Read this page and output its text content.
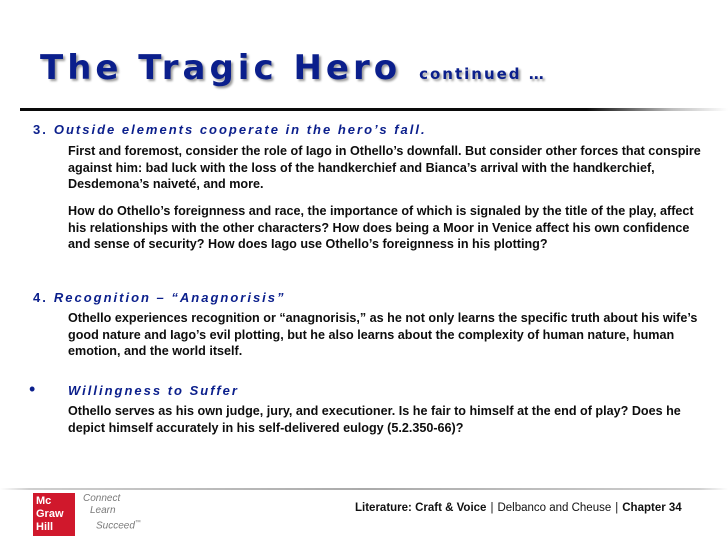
The Tragic Hero continued …
3. Outside elements cooperate in the hero’s fall.

First and foremost, consider the role of Iago in Othello’s downfall. But consider other forces that conspire against him: bad luck with the loss of the handkerchief and Bianca’s arrival with the handkerchief, Desdemona’s naiveté, and more.

How do Othello’s foreignness and race, the importance of which is signaled by the title of the play, affect his relationships with the other characters? How does being a Moor in Venice affect his own confidence and sense of security? How does Iago use Othello’s foreignness in his plotting?

4. Recognition – “Anagnorisis”

Othello experiences recognition or “anagnorisis,” as he not only learns the specific truth about his wife’s good nature and Iago’s evil plotting, but he also learns about the complexity of human nature, human emotion, and the world itself.

•	Willingness to Suffer

Othello serves as his own judge, jury, and executioner. Is he fair to himself at the end of play? Does he depict himself accurately in his self-delivered eulogy (5.2.350-66)?

Mc
Graw
Hill
Connect
Learn
Succeed™
Literature: Craft & Voice | Delbanco and Cheuse | Chapter 34
